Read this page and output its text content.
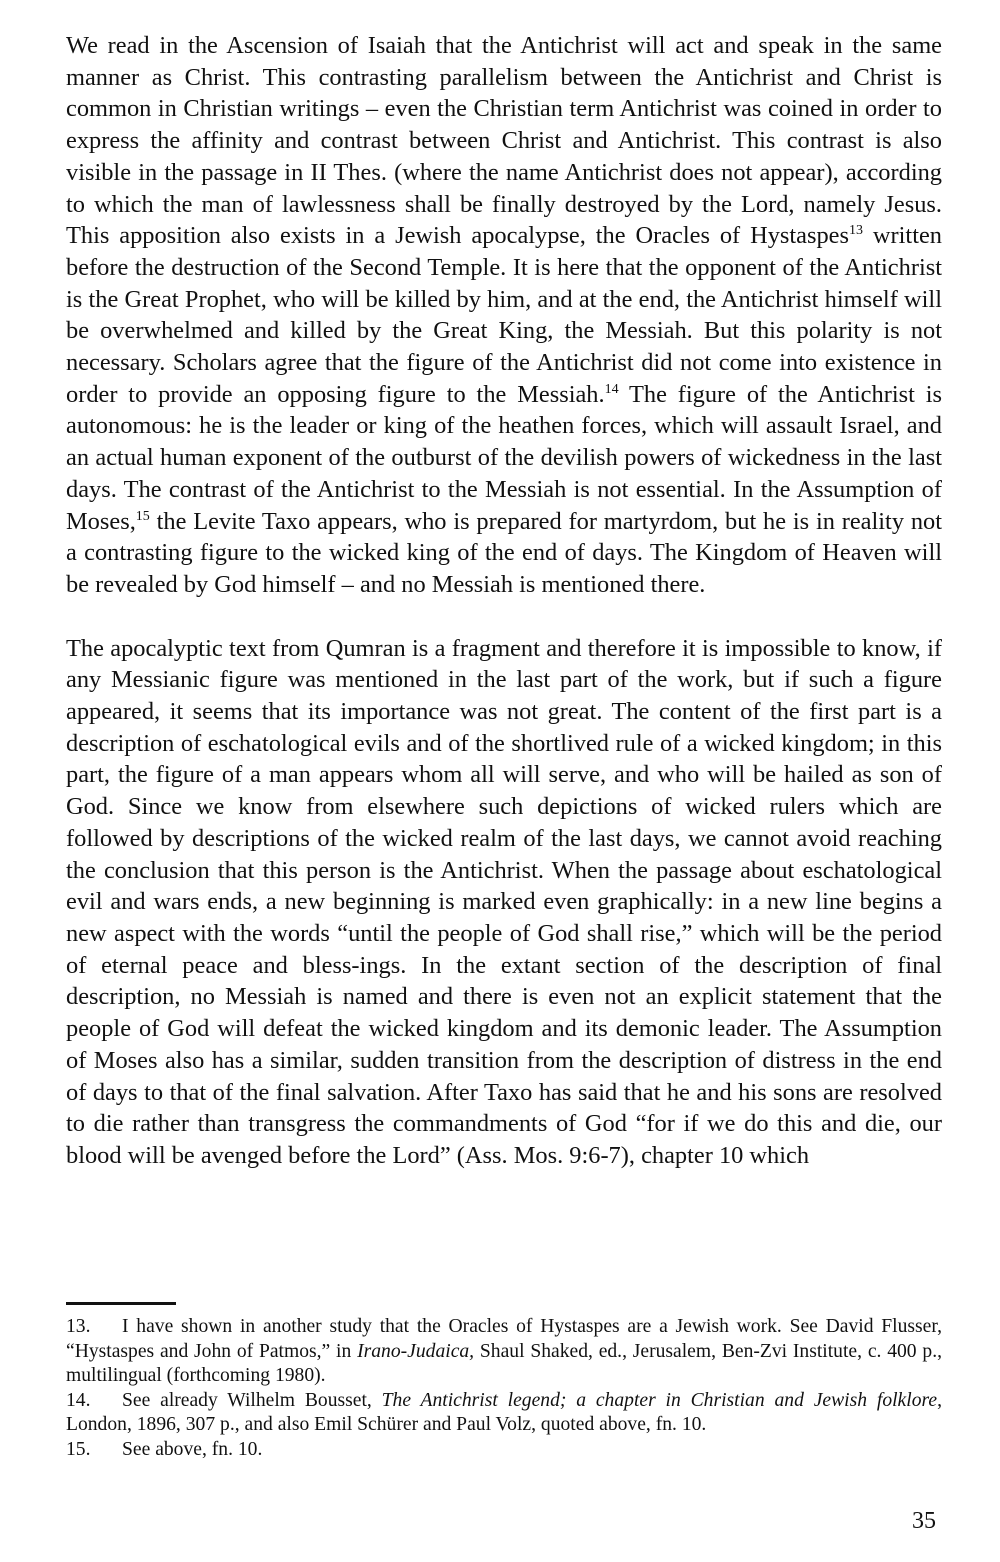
We read in the Ascension of Isaiah that the Antichrist will act and speak in the same manner as Christ. This contrasting parallelism between the Antichrist and Christ is common in Christian writings – even the Christian term Antichrist was coined in order to express the affinity and contrast between Christ and Antichrist. This contrast is also visible in the passage in II Thes. (where the name Antichrist does not appear), according to which the man of lawlessness shall be finally destroyed by the Lord, namely Jesus. This apposition also exists in a Jewish apocalypse, the Oracles of Hystaspes$^{13}$ written before the destruction of the Second Temple. It is here that the opponent of the Antichrist is the Great Prophet, who will be killed by him, and at the end, the Antichrist himself will be overwhelmed and killed by the Great King, the Messiah. But this polarity is not necessary. Scholars agree that the figure of the Antichrist did not come into existence in order to provide an opposing figure to the Messiah.$^{14}$ The figure of the Antichrist is autonomous: he is the leader or king of the heathen forces, which will assault Israel, and an actual human exponent of the outburst of the devilish powers of wickedness in the last days. The contrast of the Antichrist to the Messiah is not essential. In the Assumption of Moses,$^{15}$ the Levite Taxo appears, who is prepared for martyrdom, but he is in reality not a contrasting figure to the wicked king of the end of days. The Kingdom of Heaven will be revealed by God himself – and no Messiah is mentioned there.

The apocalyptic text from Qumran is a fragment and therefore it is impossible to know, if any Messianic figure was mentioned in the last part of the work, but if such a figure appeared, it seems that its importance was not great. The content of the first part is a description of eschatological evils and of the shortlived rule of a wicked kingdom; in this part, the figure of a man appears whom all will serve, and who will be hailed as son of God. Since we know from elsewhere such depictions of wicked rulers which are followed by descriptions of the wicked realm of the last days, we cannot avoid reaching the conclusion that this person is the Antichrist. When the passage about eschatological evil and wars ends, a new beginning is marked even graphically: in a new line begins a new aspect with the words “until the people of God shall rise,” which will be the period of eternal peace and bless-ings. In the extant section of the description of final description, no Messiah is named and there is even not an explicit statement that the people of God will defeat the wicked kingdom and its demonic leader. The Assumption of Moses also has a similar, sudden transition from the description of distress in the end of days to that of the final salvation. After Taxo has said that he and his sons are resolved to die rather than transgress the commandments of God “for if we do this and die, our blood will be avenged before the Lord” (Ass. Mos. 9:6-7), chapter 10 which

13. I have shown in another study that the Oracles of Hystaspes are a Jewish work. See David Flusser, “Hystaspes and John of Patmos,” in Irano-Judaica, Shaul Shaked, ed., Jerusalem, Ben-Zvi Institute, c. 400 p., multilingual (forthcoming 1980).

14. See already Wilhelm Bousset, The Antichrist legend; a chapter in Christian and Jewish folklore, London, 1896, 307 p., and also Emil Schürer and Paul Volz, quoted above, fn. 10.

15. See above, fn. 10.

35
